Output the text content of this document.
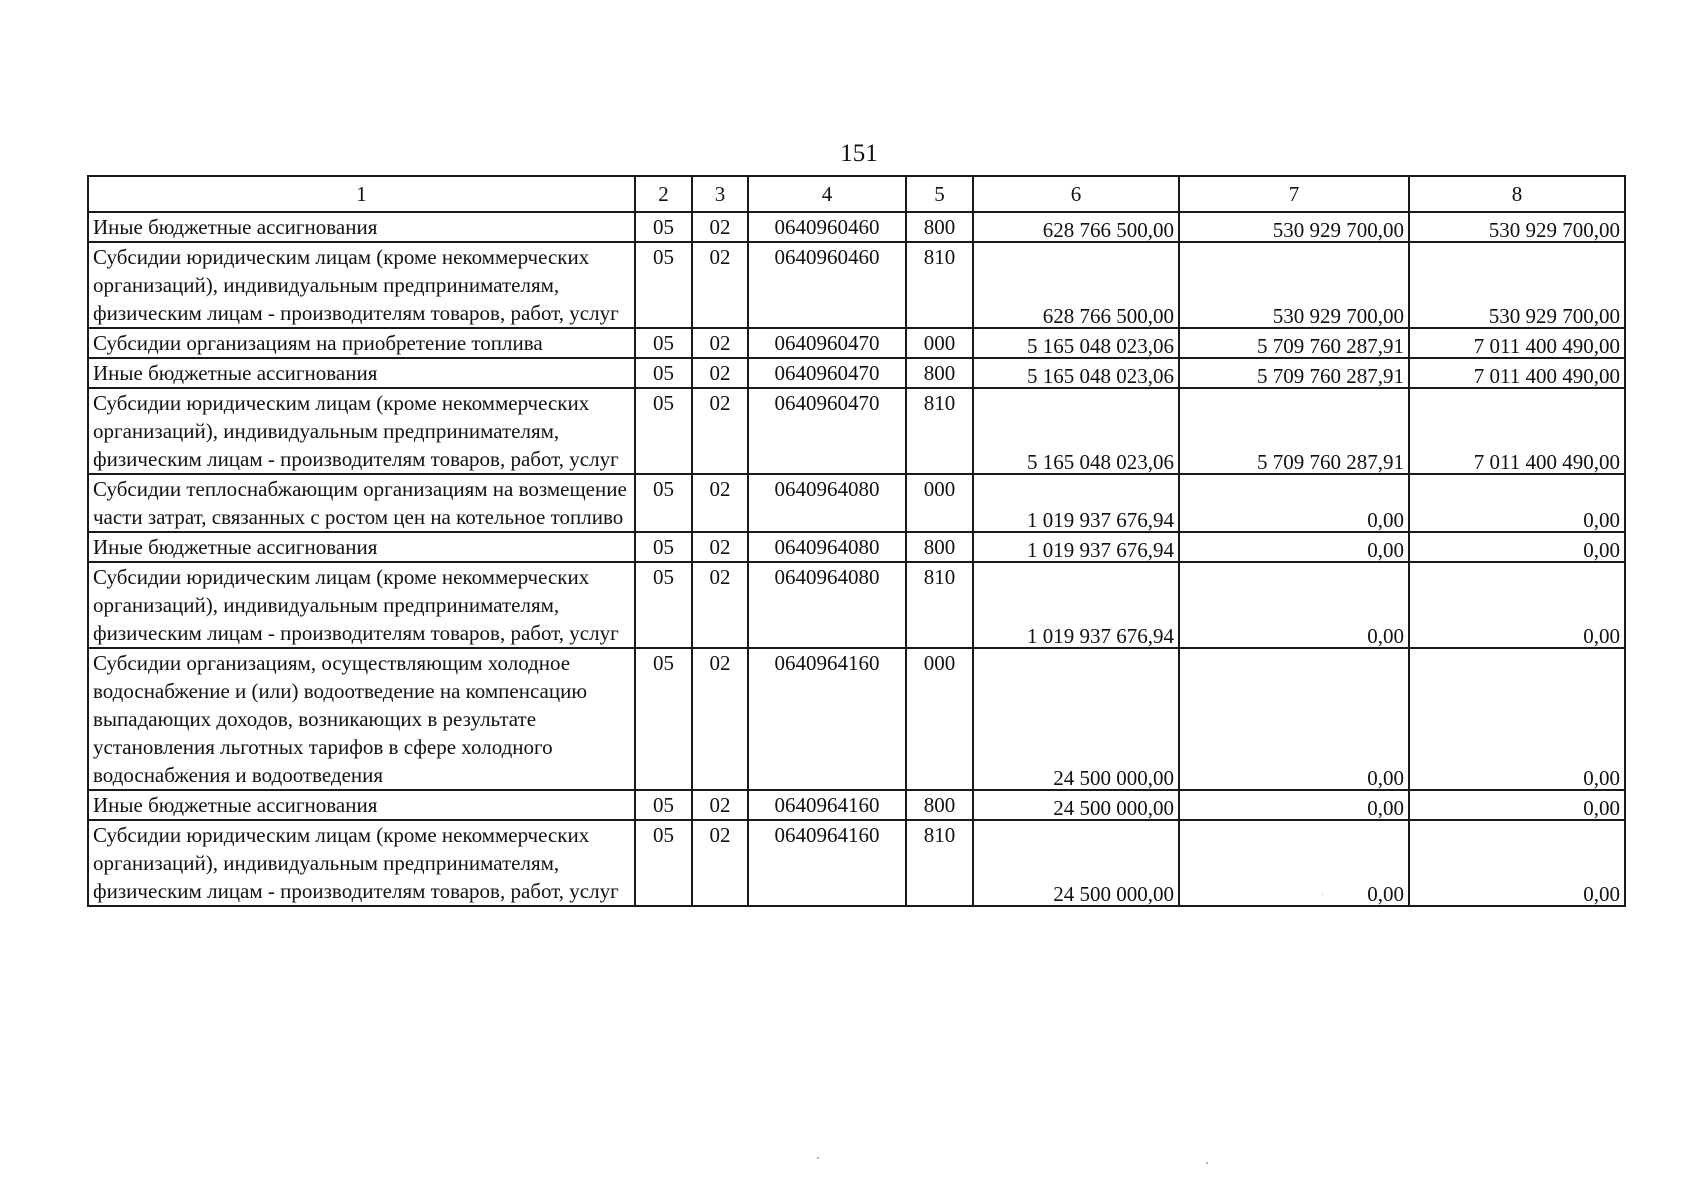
151
1	2	3	4	5	6	7	8
Иные бюджетные ассигнования	05	02	0640960460	800	628 766 500,00	530 929 700,00	530 929 700,00
Субсидии юридическим лицам (кроме некоммерческих организаций), индивидуальным предпринимателям, физическим лицам - производителям товаров, работ, услуг	05	02	0640960460	810	628 766 500,00	530 929 700,00	530 929 700,00
Субсидии организациям на приобретение топлива	05	02	0640960470	000	5 165 048 023,06	5 709 760 287,91	7 011 400 490,00
Иные бюджетные ассигнования	05	02	0640960470	800	5 165 048 023,06	5 709 760 287,91	7 011 400 490,00
Субсидии юридическим лицам (кроме некоммерческих организаций), индивидуальным предпринимателям, физическим лицам - производителям товаров, работ, услуг	05	02	0640960470	810	5 165 048 023,06	5 709 760 287,91	7 011 400 490,00
Субсидии теплоснабжающим организациям на возмещение части затрат, связанных с ростом цен на котельное топливо	05	02	0640964080	000	1 019 937 676,94	0,00	0,00
Иные бюджетные ассигнования	05	02	0640964080	800	1 019 937 676,94	0,00	0,00
Субсидии юридическим лицам (кроме некоммерческих организаций), индивидуальным предпринимателям, физическим лицам - производителям товаров, работ, услуг	05	02	0640964080	810	1 019 937 676,94	0,00	0,00
Субсидии организациям, осуществляющим холодное водоснабжение и (или) водоотведение на компенсацию выпадающих доходов, возникающих в результате установления льготных тарифов в сфере холодного водоснабжения и водоотведения	05	02	0640964160	000	24 500 000,00	0,00	0,00
Иные бюджетные ассигнования	05	02	0640964160	800	24 500 000,00	0,00	0,00
Субсидии юридическим лицам (кроме некоммерческих организаций), индивидуальным предпринимателям, физическим лицам - производителям товаров, работ, услуг	05	02	0640964160	810	24 500 000,00	0,00	0,00
